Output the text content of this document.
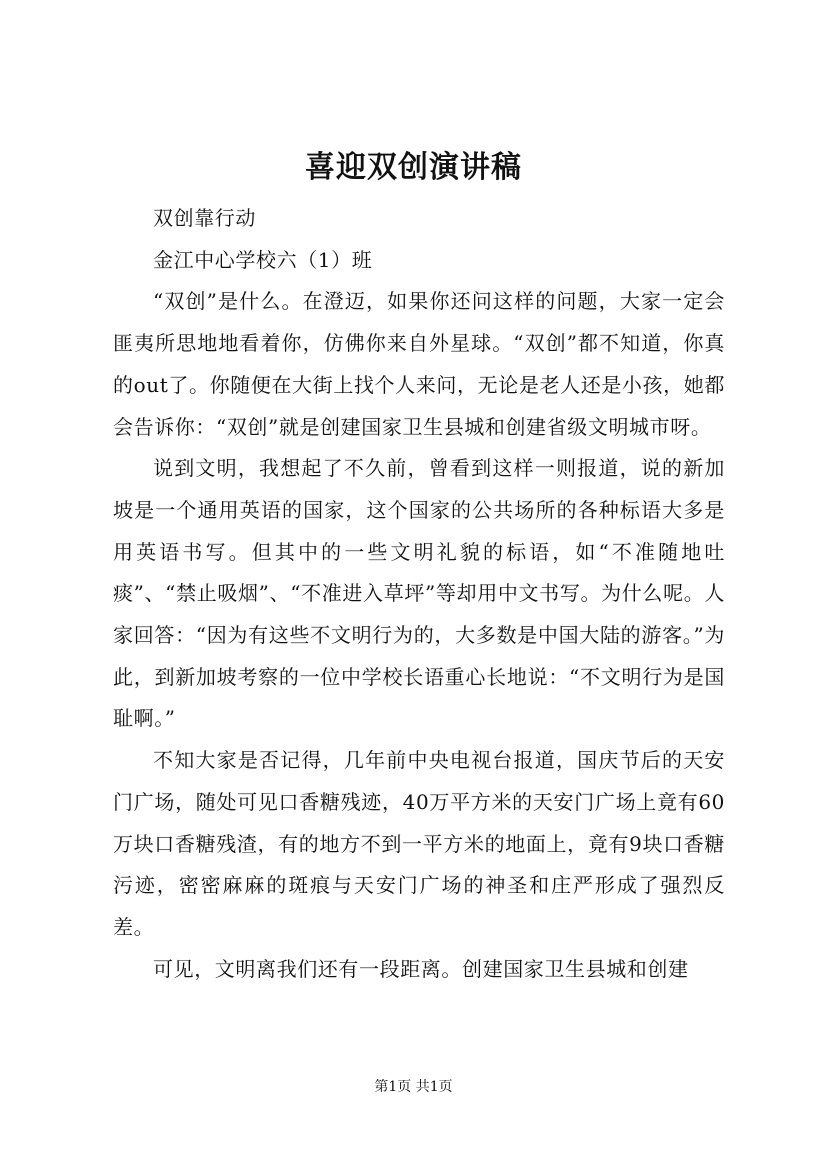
喜迎双创演讲稿

双创靠行动

金江中心学校六（1）班

“双创”是什么。在澄迈，如果你还问这样的问题，大家一定会匪夷所思地地看着你，仿佛你来自外星球。“双创”都不知道，你真的out了。你随便在大街上找个人来问，无论是老人还是小孩，她都会告诉你：“双创”就是创建国家卫生县城和创建省级文明城市呀。

说到文明，我想起了不久前，曾看到这样一则报道，说的新加坡是一个通用英语的国家，这个国家的公共场所的各种标语大多是用英语书写。但其中的一些文明礼貌的标语，如“不准随地吐痰”、“禁止吸烟”、“不准进入草坪”等却用中文书写。为什么呢。人家回答：“因为有这些不文明行为的，大多数是中国大陆的游客。”为此，到新加坡考察的一位中学校长语重心长地说：“不文明行为是国耻啊。”

不知大家是否记得，几年前中央电视台报道，国庆节后的天安门广场，随处可见口香糖残迹，40万平方米的天安门广场上竟有60万块口香糖残渣，有的地方不到一平方米的地面上，竟有9块口香糖污迹，密密麻麻的斑痕与天安门广场的神圣和庄严形成了强烈反差。

可见，文明离我们还有一段距离。创建国家卫生县城和创建

第1页 共1页
